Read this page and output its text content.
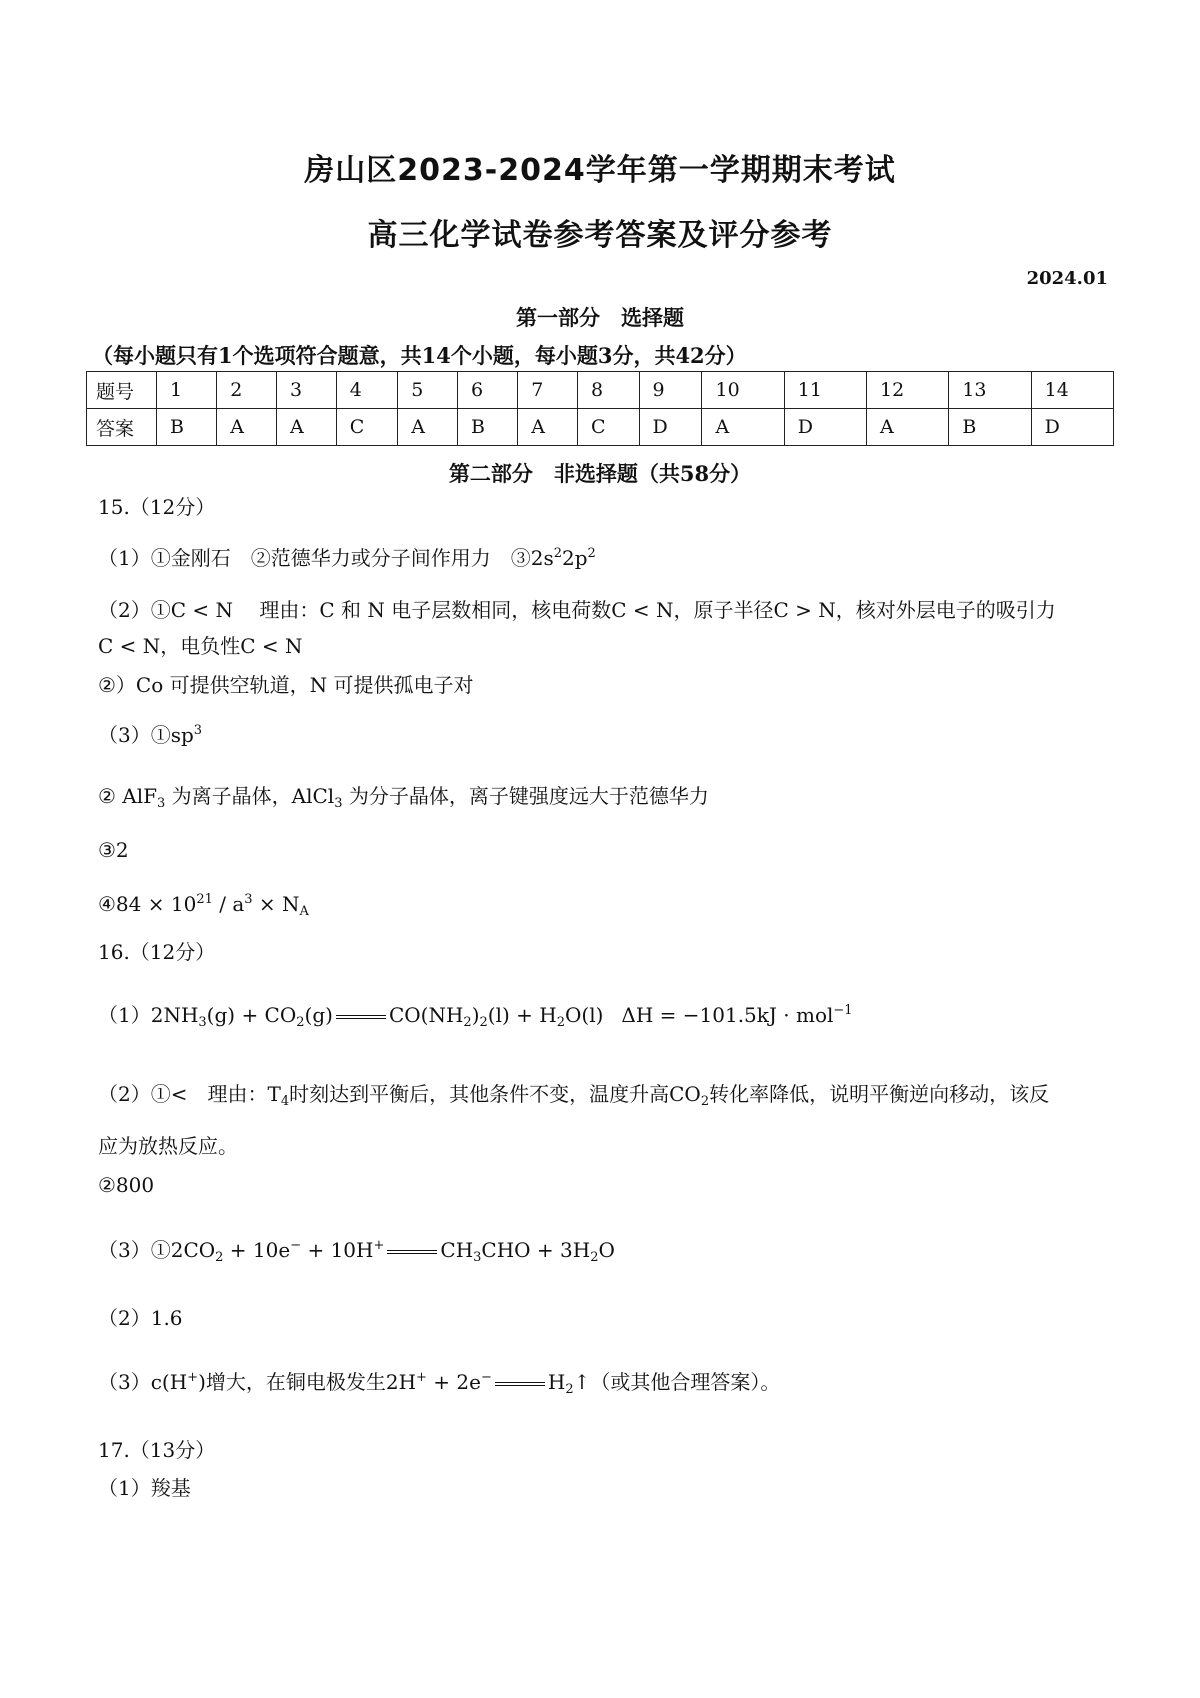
房山区2023-2024学年第一学期期末考试
高三化学试卷参考答案及评分参考
2024.01
第一部分　选择题
（每小题只有1个选项符合题意，共14个小题，每小题3分，共42分）
题号	1	2	3	4	5	6	7	8	9	10	11	12	13	14
答案	B	A	A	C	A	B	A	C	D	A	D	A	B	D
第二部分　非选择题（共58分）
15.（12分）
（1）①金刚石　②范德华力或分子间作用力　$③2s^22p^2$
（2）①C < N　 理由：C 和 N 电子层数相同，核电荷数C < N，原子半径C > N，核对外层电子的吸引力
C < N，电负性C < N
②）Co 可提供空轨道，N 可提供孤电子对
$(3)①sp^3$
② AlF$_3$ 为离子晶体，AlCl$_3$ 为分子晶体，离子键强度远大于范德华力
③2
④84 × $10^{21} / a^3 \times N_A$
16.（12分）
$(1)2NH_3(g) + CO_2(g)$	$CO(NH_2)_2(l) + H_2O(l) \Delta H = -101.5kJ \cdot mol^{-1}$
（2）①<　理由：$T_4$时刻达到平衡后，其他条件不变，温度升高$CO_2$转化率降低，说明平衡逆向移动，该反
应为放热反应。
②800
$(3)①2CO_2 + 10e^- + 10H^+$	$CH_3CHO + 3H_2O$
（2）1.6
（3）c(H+)增大，在铜电极发生2H+ + 2e−	$H_2↑$（或其他合理答案）。
17.（13分）
（1）羧基
